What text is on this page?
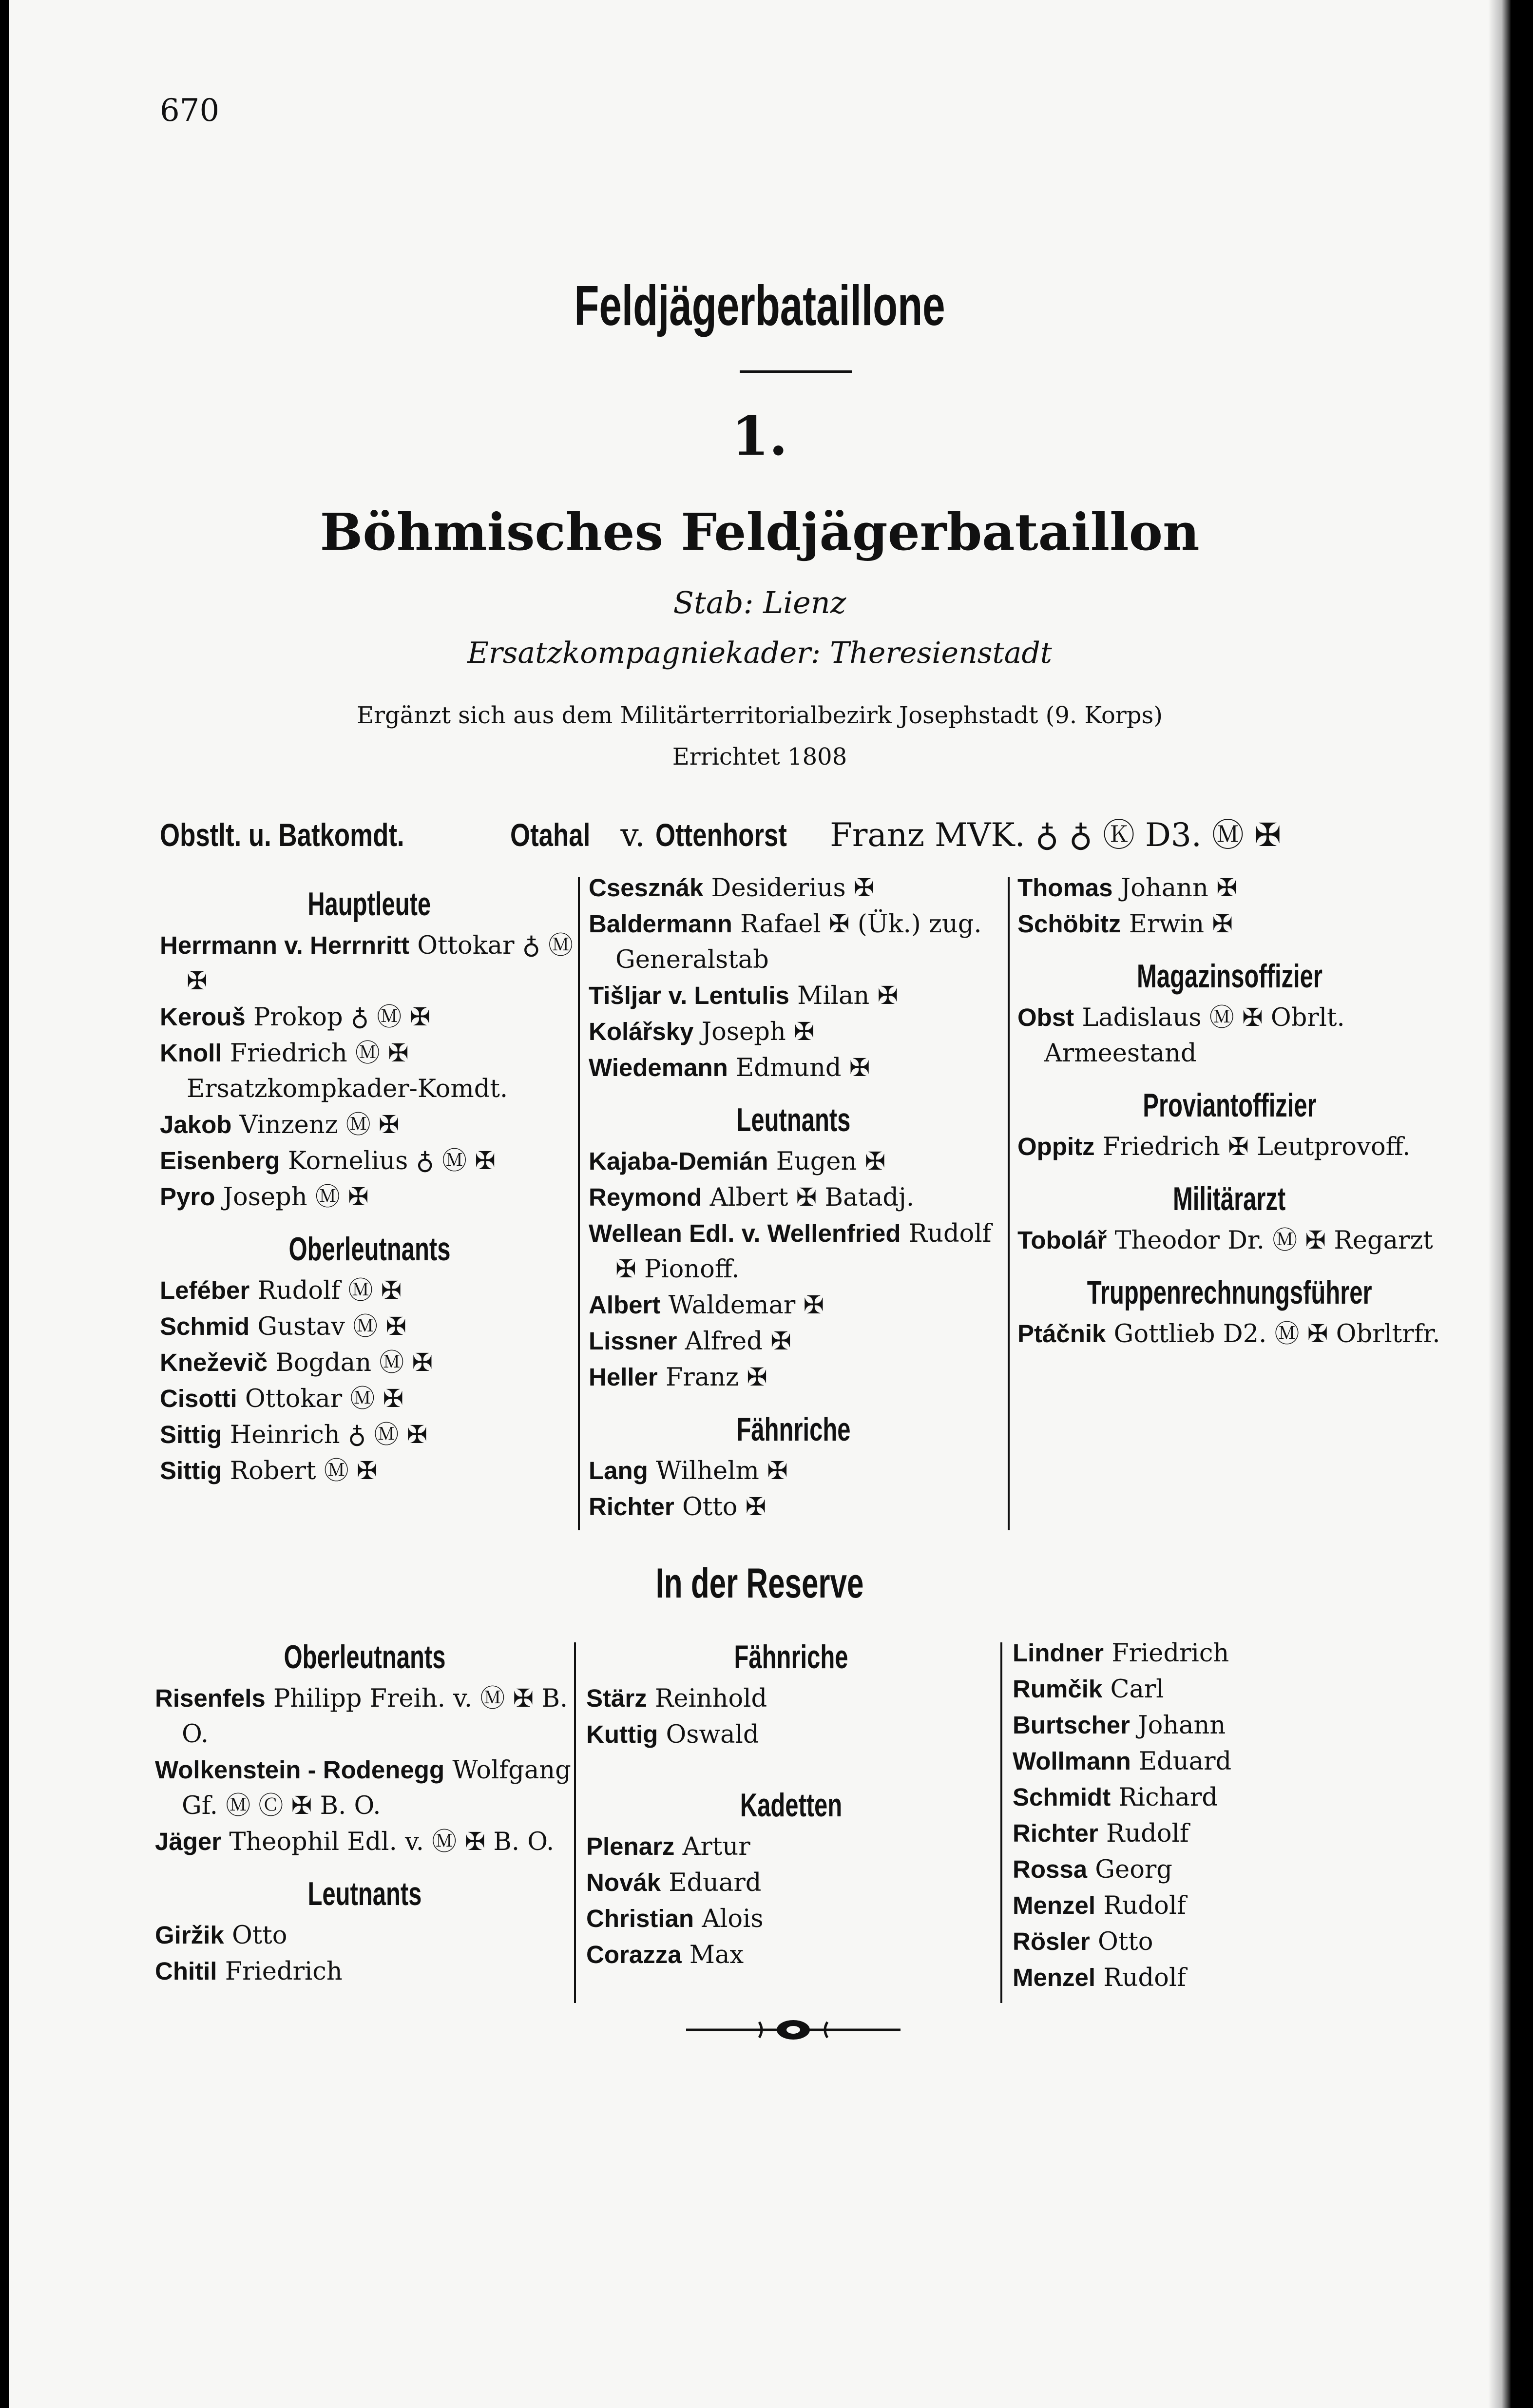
670
Feldjägerbataillone
1.
Böhmisches Feldjägerbataillon
Stab: Lienz
Ersatzkompagniekader: Theresienstadt
Ergänzt sich aus dem Militärterritorialbezirk Josephstadt (9. Korps)
Errichtet 1808
Obstlt. u. Batkomdt.	Otahal v. Ottenhorst Franz MVK. ♁ ♁ Ⓚ D3. Ⓜ ✠
Hauptleute
Herrmann v. Herrnritt Ottokar ♁ Ⓜ ✠
Kerouš Prokop ♁ Ⓜ ✠
Knoll Friedrich Ⓜ ✠ Ersatzkompkader-Komdt.
Jakob Vinzenz Ⓜ ✠
Eisenberg Kornelius ♁ Ⓜ ✠
Pyro Joseph Ⓜ ✠
Oberleutnants
Leféber Rudolf Ⓜ ✠
Schmid Gustav Ⓜ ✠
Kneževič Bogdan Ⓜ ✠
Cisotti Ottokar Ⓜ ✠
Sittig Heinrich ♁ Ⓜ ✠
Sittig Robert Ⓜ ✠
Csesznák Desiderius ✠
Baldermann Rafael ✠ (Ük.) zug. Generalstab
Tišljar v. Lentulis Milan ✠
Kolářsky Joseph ✠
Wiedemann Edmund ✠
Leutnants
Kajaba-Demián Eugen ✠
Reymond Albert ✠ Batadj.
Wellean Edl. v. Wellenfried Rudolf ✠ Pionoff.
Albert Waldemar ✠
Lissner Alfred ✠
Heller Franz ✠
Fähnriche
Lang Wilhelm ✠
Richter Otto ✠
Thomas Johann ✠
Schöbitz Erwin ✠
Magazinsoffizier
Obst Ladislaus Ⓜ ✠ Obrlt. Armeestand
Proviantoffizier
Oppitz Friedrich ✠ Leutprovoff.
Militärarzt
Tobolář Theodor Dr. Ⓜ ✠ Regarzt
Truppenrechnungsführer
Ptáčnik Gottlieb D2. Ⓜ ✠ Obrltrfr.
In der Reserve
Oberleutnants
Risenfels Philipp Freih. v. Ⓜ ✠ B. O.
Wolkenstein - Rodenegg Wolfgang Gf. Ⓜ Ⓒ ✠ B. O.
Jäger Theophil Edl. v. Ⓜ ✠ B. O.
Leutnants
Giržik Otto
Chitil Friedrich
Fähnriche
Stärz Reinhold
Kuttig Oswald
Kadetten
Plenarz Artur
Novák Eduard
Christian Alois
Corazza Max
Lindner Friedrich
Rumčik Carl
Burtscher Johann
Wollmann Eduard
Schmidt Richard
Richter Rudolf
Rossa Georg
Menzel Rudolf
Rösler Otto
Menzel Rudolf
